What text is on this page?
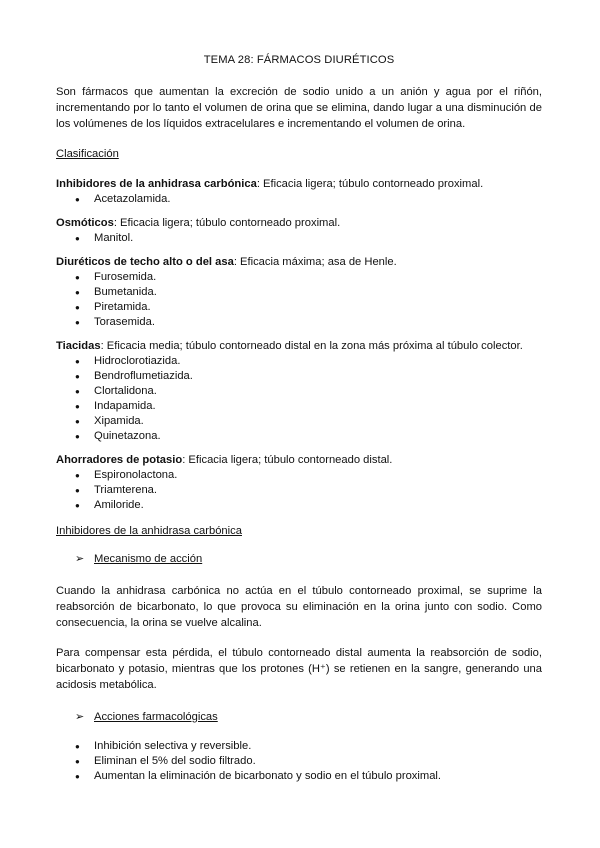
TEMA 28: FÁRMACOS DIURÉTICOS

Son fármacos que aumentan la excreción de sodio unido a un anión y agua por el riñón, incrementando por lo tanto el volumen de orina que se elimina, dando lugar a una disminución de los volúmenes de los líquidos extracelulares e incrementando el volumen de orina.

Clasificación

Inhibidores de la anhidrasa carbónica: Eficacia ligera; túbulo contorneado proximal.

● Acetazolamida.

Osmóticos: Eficacia ligera; túbulo contorneado proximal.

● Manitol.

Diuréticos de techo alto o del asa: Eficacia máxima; asa de Henle.

● Furosemida.
● Bumetanida.
● Piretamida.
● Torasemida.

Tiacidas: Eficacia media; túbulo contorneado distal en la zona más próxima al túbulo colector.

● Hidroclorotiazida.
● Bendroflumetiazida.
● Clortalidona.
● Indapamida.
● Xipamida.
● Quinetazona.

Ahorradores de potasio: Eficacia ligera; túbulo contorneado distal.

● Espironolactona.
● Triamterena.
● Amiloride.
Inhibidores de la anhidrasa carbónica
➢ Mecanismo de acción

Cuando la anhidrasa carbónica no actúa en el túbulo contorneado proximal, se suprime la reabsorción de bicarbonato, lo que provoca su eliminación en la orina junto con sodio. Como consecuencia, la orina se vuelve alcalina.

Para compensar esta pérdida, el túbulo contorneado distal aumenta la reabsorción de sodio, bicarbonato y potasio, mientras que los protones (H⁺) se retienen en la sangre, generando una acidosis metabólica.

➢ Acciones farmacológicas
● Inhibición selectiva y reversible.
● Eliminan el 5% del sodio filtrado.
● Aumentan la eliminación de bicarbonato y sodio en el túbulo proximal.
